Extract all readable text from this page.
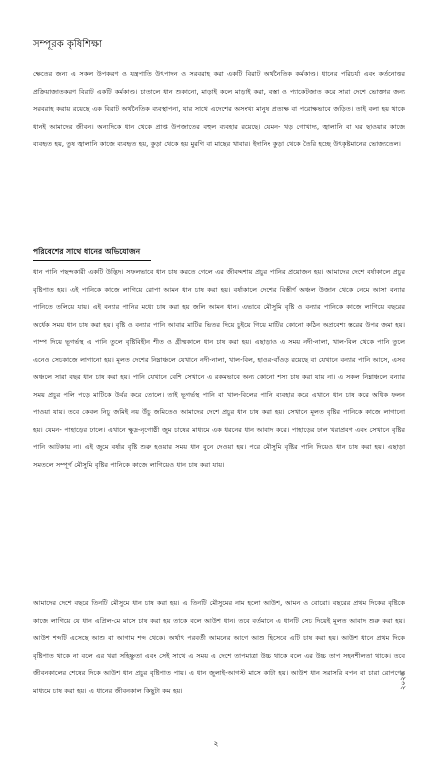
সম্পূরক কৃষিশিক্ষা
ক্ষেতের জন্য এ সকল উপকরণ ও যন্ত্রপাতি উৎপাদন ও সরবরাহ করা একটি বিরাট অর্থনৈতিক কর্মকাণ্ড। ধানের পরিচর্যা এবং কর্তনোত্তর প্রক্রিয়াজাতকরণ বিরাট একটি কর্মকাণ্ড। চাতালে ধান শুকানো, মাড়াই কলে মাড়াই করা, বস্তা ও প্যাকেটজাত করে সারা দেশে ভোক্তার জন্য সরবরাহ করায় রয়েছে এক বিরাট অর্থনৈতিক ব্যবস্থাপনা, যার সাথে এদেশের অসংখ্য মানুষ প্রত্যক্ষ বা পরোক্ষভাবে জড়িত। তাই বলা হয় থাকে ধানই আমাদের জীবন। অন্যদিকে ধান থেকে প্রাপ্ত উপজাতের বহুল ব্যবহার রয়েছে। যেমন- খড় গোখাদ্য, জ্বালানি বা ঘর ছাওয়ার কাজে ব্যবহৃত হয়, তুষ জ্বালানি কাজে ব্যবহৃত হয়, কুড়া থেকে হয় মুরগি বা মাছের খাবার। ইদানিং কুড়া থেকে তৈরি হচ্ছে উৎকৃষ্টমানের ভোজ্যতেল।
পরিবেশের সাথে ধানের অভিযোজন
ধান পানি পছন্দকারী একটি উদ্ভিদ। সফলভাবে ধান চাষ করতে গেলে এর জীবদ্দশায় প্রচুর পানির প্রয়োজন হয়। আমাদের দেশে বর্ষাকালে প্রচুর বৃষ্টিপাত হয়। এই পানিকে কাজে লাগিয়ে রোপা আমন ধান চাষ করা হয়। বর্ষাকালে দেশের বিস্তীর্ণ অঞ্চল উজান থেকে নেমে আসা বন্যার পানিতে তলিয়ে যায়। এই বন্যার পানির মধ্যে চাষ করা হয় জলি আমন ধান। এভাবে মৌসুমি বৃষ্টি ও বন্যার পানিকে কাজে লাগিয়ে বছরের অর্ধেক সময় ধান চাষ করা হয়। বৃষ্টি ও বন্যার পানি আবার মাটির ভিতর দিয়ে চুইয়ে গিয়ে মাটির কোনো কঠিন অপ্রবেশ্য স্তরের উপর জমা হয়। পাম্প দিয়ে ভূগর্ভস্থ এ পানি তুলে বৃষ্টিবিহীন শীত ও গ্রীষ্মকালে ধান চাষ করা হয়। এছাড়াও এ সময় নদী-নালা, খাল-বিল থেকে পানি তুলে এনেও সেচকাজে লাগানো হয়। মূলত দেশের নিম্নাঞ্চলে যেখানে নদী-নালা, খাল-বিল, হাওর-বাঁওড় রয়েছে বা যেখানে বন্যার পানি আসে, এসব অঞ্চলে সারা বছর ধান চাষ করা হয়। পানি যেখানে বেশি সেখানে এ রকমভাবে অন্য কোনো শস্য চাষ করা যায় না। এ সকল নিম্নাঞ্চলে বন্যার সময় প্রচুর পলি পড়ে মাটিকে উর্বর করে তোলে। তাই ভূগর্ভস্থ পানি বা খাল-বিলের পানি ব্যবহার করে এখানে ধান চাষ করে অধিক ফলন পাওয়া যায়। তবে কেবল নিচু জমিই নয় উঁচু জমিতেও আমাদের দেশে প্রচুর ধান চাষ করা হয়। সেখানে মূলত বৃষ্টির পানিকে কাজে লাগানো হয়। যেমন- পাহাড়ের ঢালে। এখানে ক্ষুদ্র-নৃগোষ্ঠী জুম চাষের মাধ্যমে এক ধরনের ধান আবাদ করে। পাহাড়ের ঢাল খরাপ্রবণ এবং সেখানে বৃষ্টির পানি আটকায় না। এই জুমে বর্ষার বৃষ্টি শুরু হওয়ার সময় ধান বুনে দেওয়া হয়। পরে মৌসুমি বৃষ্টির পানি দিয়েও ধান চাষ করা হয়। এছাড়া সমতলে সম্পূর্ণ মৌসুমি বৃষ্টির পানিকে কাজে লাগিয়েও ধান চাষ করা যায়।
আমাদের দেশে বছরে তিনটি মৌসুমে ধান চাষ করা হয়। এ তিনটি মৌসুমের নাম হলো আউশ, আমন ও বোরো। বছরের প্রথম দিকের বৃষ্টিকে কাজে লাগিয়ে যে ধান এপ্রিল-মে মাসে চাষ করা হয় তাকে বলে আউশ ধান। তবে বর্তমানে এ ধানটি সেচ দিয়েই মূলত আবাদ শুরু করা হয়। আউশ শব্দটি এসেছে আশু বা আগাম শব্দ থেকে। অর্থাৎ পরবর্তী আমনের আগে আশু হিসেবে এটি চাষ করা হয়। আউশ ধানে প্রথম দিকে বৃষ্টিপাত থাকে না বলে এর খরা সহিষ্ণুতা এবং সেই সাথে এ সময় এ দেশে তাপমাত্রা উচ্চ থাকে বলে এর উচ্চ তাপ সহনশীলতা থাকে। তবে জীবনকালের শেষের দিকে আউশ ধান প্রচুর বৃষ্টিপাত পায়। এ ধান জুলাই-আগস্ট মাসে কাটা হয়। আউশ ধান সরাসরি বপন বা চারা রোপণের মাধ্যমে চাষ করা হয়। এ ধানের জীবনকাল কিছুটা কম হয়।
২০২৩
২
